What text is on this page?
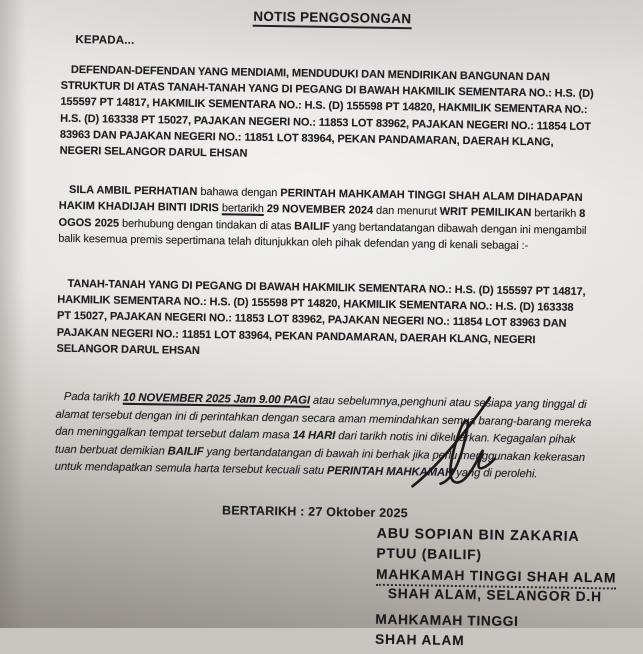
NOTIS PENGOSONGAN
KEPADA...

DEFENDAN-DEFENDAN YANG MENDIAMI, MENDUDUKI DAN MENDIRIKAN BANGUNAN DAN STRUKTUR DI ATAS TANAH-TANAH YANG DI PEGANG DI BAWAH HAKMILIK SEMENTARA NO.: H.S. (D) 155597 PT 14817, HAKMILIK SEMENTARA NO.: H.S. (D) 155598 PT 14820, HAKMILIK SEMENTARA NO.: H.S. (D) 163338 PT 15027, PAJAKAN NEGERI NO.: 11853 LOT 83962, PAJAKAN NEGERI NO.: 11854 LOT 83963 DAN PAJAKAN NEGERI NO.: 11851 LOT 83964, PEKAN PANDAMARAN, DAERAH KLANG, NEGERI SELANGOR DARUL EHSAN

SILA AMBIL PERHATIAN bahawa dengan PERINTAH MAHKAMAH TINGGI SHAH ALAM DIHADAPAN HAKIM KHADIJAH BINTI IDRIS bertarikh 29 NOVEMBER 2024 dan menurut WRIT PEMILIKAN bertarikh 8 OGOS 2025 berhubung dengan tindakan di atas BAILIF yang bertandatangan dibawah dengan ini mengambil balik kesemua premis sepertimana telah ditunjukkan oleh pihak defendan yang di kenali sebagai :-

TANAH-TANAH YANG DI PEGANG DI BAWAH HAKMILIK SEMENTARA NO.: H.S. (D) 155597 PT 14817, HAKMILIK SEMENTARA NO.: H.S. (D) 155598 PT 14820, HAKMILIK SEMENTARA NO.: H.S. (D) 163338 PT 15027, PAJAKAN NEGERI NO.: 11853 LOT 83962, PAJAKAN NEGERI NO.: 11854 LOT 83963 DAN PAJAKAN NEGERI NO.: 11851 LOT 83964, PEKAN PANDAMARAN, DAERAH KLANG, NEGERI SELANGOR DARUL EHSAN

Pada tarikh 10 NOVEMBER 2025 Jam 9.00 PAGI atau sebelumnya,penghuni atau sesiapa yang tinggal di alamat tersebut dengan ini di perintahkan dengan secara aman memindahkan semua barang-barang mereka dan meninggalkan tempat tersebut dalam masa 14 HARI dari tarikh notis ini dikeluarkan. Kegagalan pihak tuan berbuat demikian BAILIF yang bertandatangan di bawah ini berhak jika perlu menggunakan kekerasan untuk mendapatkan semula harta tersebut kecuali satu PERINTAH MAHKAMAH yang di perolehi.

BERTARIKH : 27 Oktober 2025
ABU SOPIAN BIN ZAKARIA
PTUU (BAILIF)
MAHKAMAH TINGGI SHAH ALAM
SHAH ALAM, SELANGOR D.H
MAHKAMAH TINGGI
SHAH ALAM
